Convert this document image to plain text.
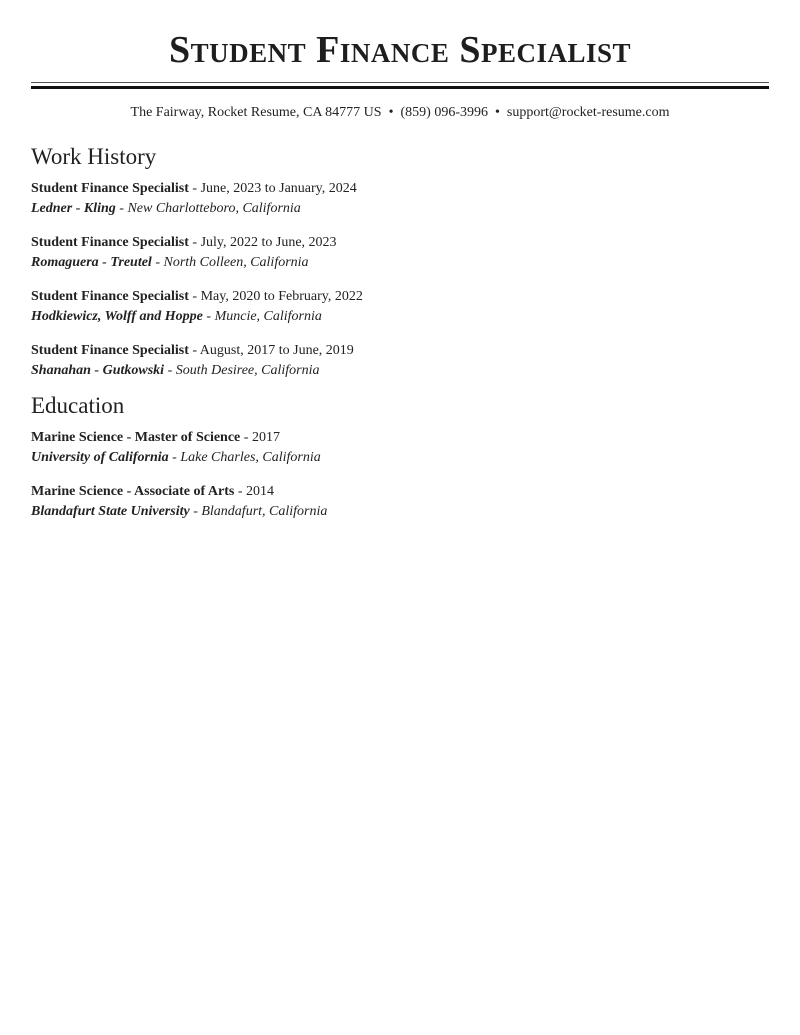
Student Finance Specialist
The Fairway, Rocket Resume, CA 84777 US • (859) 096-3996 • support@rocket-resume.com
Work History
Student Finance Specialist - June, 2023 to January, 2024
Ledner - Kling - New Charlotteboro, California
Student Finance Specialist - July, 2022 to June, 2023
Romaguera - Treutel - North Colleen, California
Student Finance Specialist - May, 2020 to February, 2022
Hodkiewicz, Wolff and Hoppe - Muncie, California
Student Finance Specialist - August, 2017 to June, 2019
Shanahan - Gutkowski - South Desiree, California
Education
Marine Science - Master of Science - 2017
University of California - Lake Charles, California
Marine Science - Associate of Arts - 2014
Blandafurt State University - Blandafurt, California
